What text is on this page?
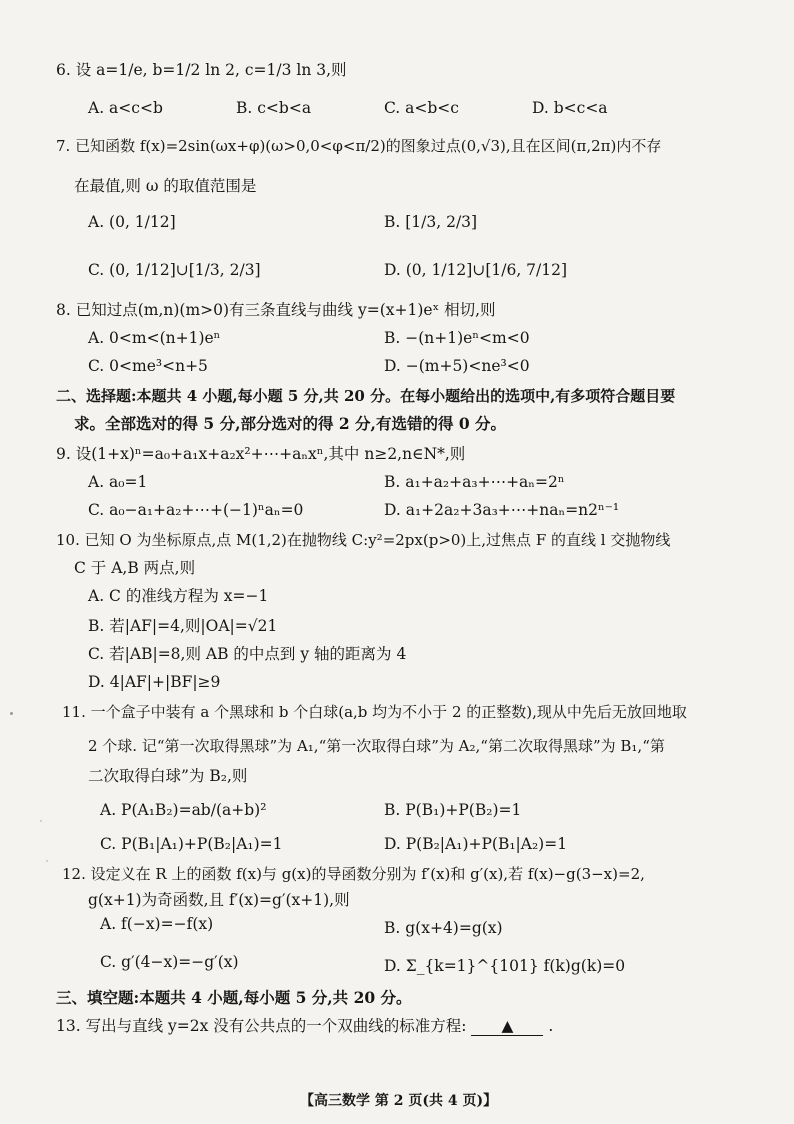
6. 设 a=1/e, b=1/2 ln 2, c=1/3 ln 3,则
A. a<c<b	B. c<b<a	C. a<b<c	D. b<c<a
7. 已知函数 f(x)=2sin(ωx+φ)(ω>0,0<φ<π/2)的图象过点(0,√3),且在区间(π,2π)内不存
在最值,则 ω 的取值范围是
A. (0, 1/12]	B. [1/3, 2/3]
C. (0, 1/12]∪[1/3, 2/3]	D. (0, 1/12]∪[1/6, 7/12]
8. 已知过点(m,n)(m>0)有三条直线与曲线 y=(x+1)eˣ 相切,则
A. 0<m<(n+1)eⁿ	B. −(n+1)eⁿ<m<0
C. 0<me³<n+5	D. −(m+5)<ne³<0
二、选择题:本题共 4 小题,每小题 5 分,共 20 分。在每小题给出的选项中,有多项符合题目要
求。全部选对的得 5 分,部分选对的得 2 分,有选错的得 0 分。
9. 设(1+x)ⁿ=a₀+a₁x+a₂x²+⋯+aₙxⁿ,其中 n≥2,n∈N*,则
A. a₀=1	B. a₁+a₂+a₃+⋯+aₙ=2ⁿ
C. a₀−a₁+a₂+⋯+(−1)ⁿaₙ=0	D. a₁+2a₂+3a₃+⋯+naₙ=n2ⁿ⁻¹
10. 已知 O 为坐标原点,点 M(1,2)在抛物线 C:y²=2px(p>0)上,过焦点 F 的直线 l 交抛物线
C 于 A,B 两点,则
A. C 的准线方程为 x=−1
B. 若|AF|=4,则|OA|=√21
C. 若|AB|=8,则 AB 的中点到 y 轴的距离为 4
D. 4|AF|+|BF|≥9
11. 一个盒子中装有 a 个黑球和 b 个白球(a,b 均为不小于 2 的正整数),现从中先后无放回地取
2 个球. 记“第一次取得黑球”为 A₁,“第一次取得白球”为 A₂,“第二次取得黑球”为 B₁,“第
二次取得白球”为 B₂,则
A. P(A₁B₂)=ab/(a+b)²	B. P(B₁)+P(B₂)=1
C. P(B₁|A₁)+P(B₂|A₁)=1	D. P(B₂|A₁)+P(B₁|A₂)=1
12. 设定义在 R 上的函数 f(x)与 g(x)的导函数分别为 f′(x)和 g′(x),若 f(x)−g(3−x)=2,
g(x+1)为奇函数,且 f′(x)=g′(x+1),则
A. f(−x)=−f(x)	B. g(x+4)=g(x)
C. g′(4−x)=−g′(x)	D. Σ_{k=1}^{101} f(k)g(k)=0
三、填空题:本题共 4 小题,每小题 5 分,共 20 分。
13. 写出与直线 y=2x 没有公共点的一个双曲线的标准方程: ▲ .
【高三数学 第 2 页(共 4 页)】
